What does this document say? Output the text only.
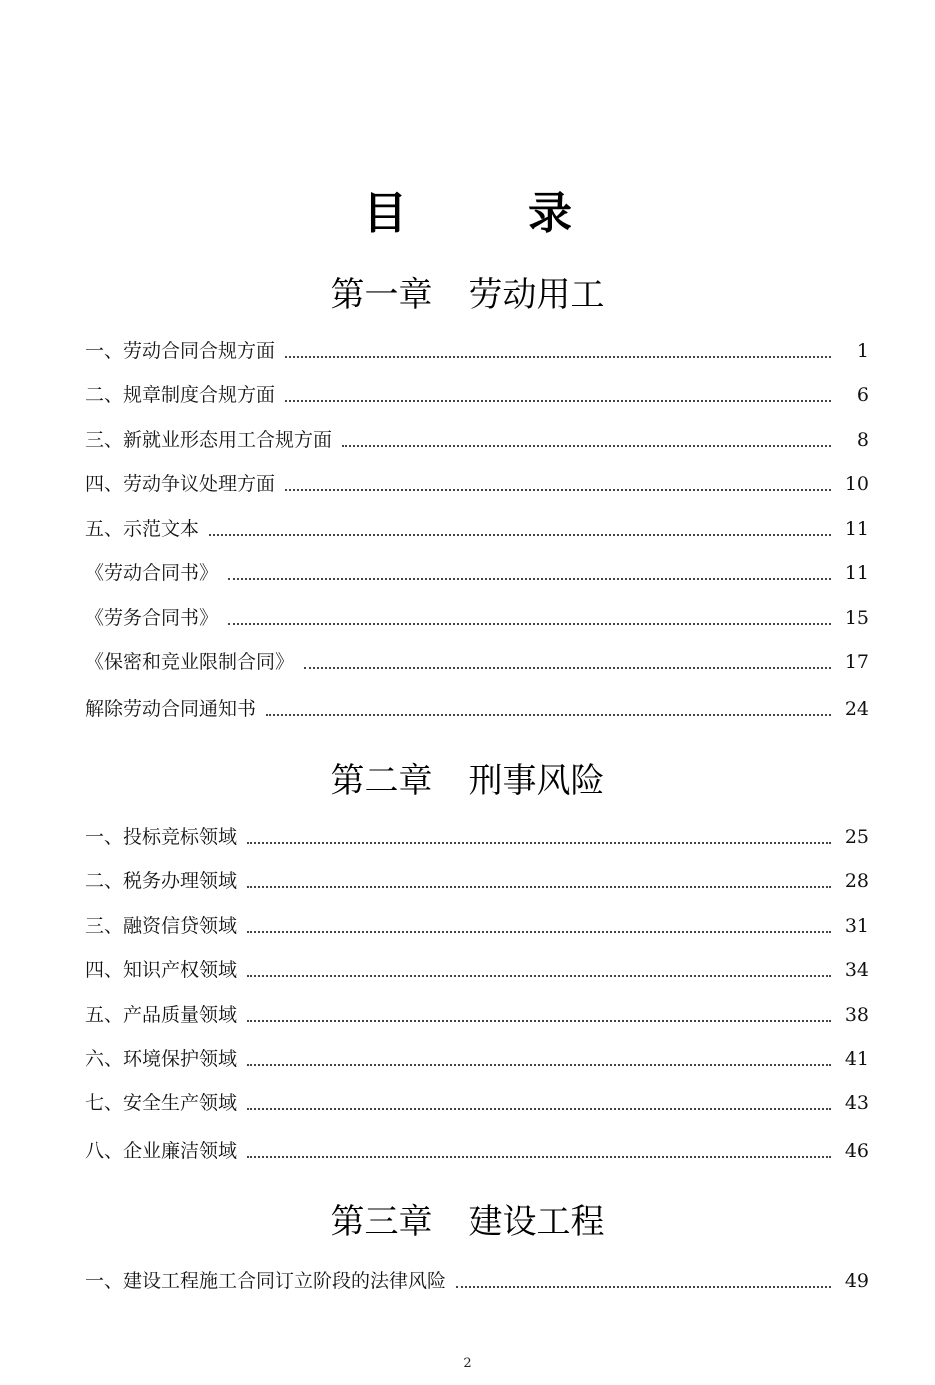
目 录
第一章 劳动用工
一、劳动合同合规方面	1
二、规章制度合规方面	6
三、新就业形态用工合规方面	8
四、劳动争议处理方面	10
五、示范文本	11
《劳动合同书》	11
《劳务合同书》	15
《保密和竞业限制合同》	17
解除劳动合同通知书	24
第二章 刑事风险
一、投标竞标领域	25
二、税务办理领域	28
三、融资信贷领域	31
四、知识产权领域	34
五、产品质量领域	38
六、环境保护领域	41
七、安全生产领域	43
八、企业廉洁领域	46
第三章 建设工程
一、建设工程施工合同订立阶段的法律风险	49
2
